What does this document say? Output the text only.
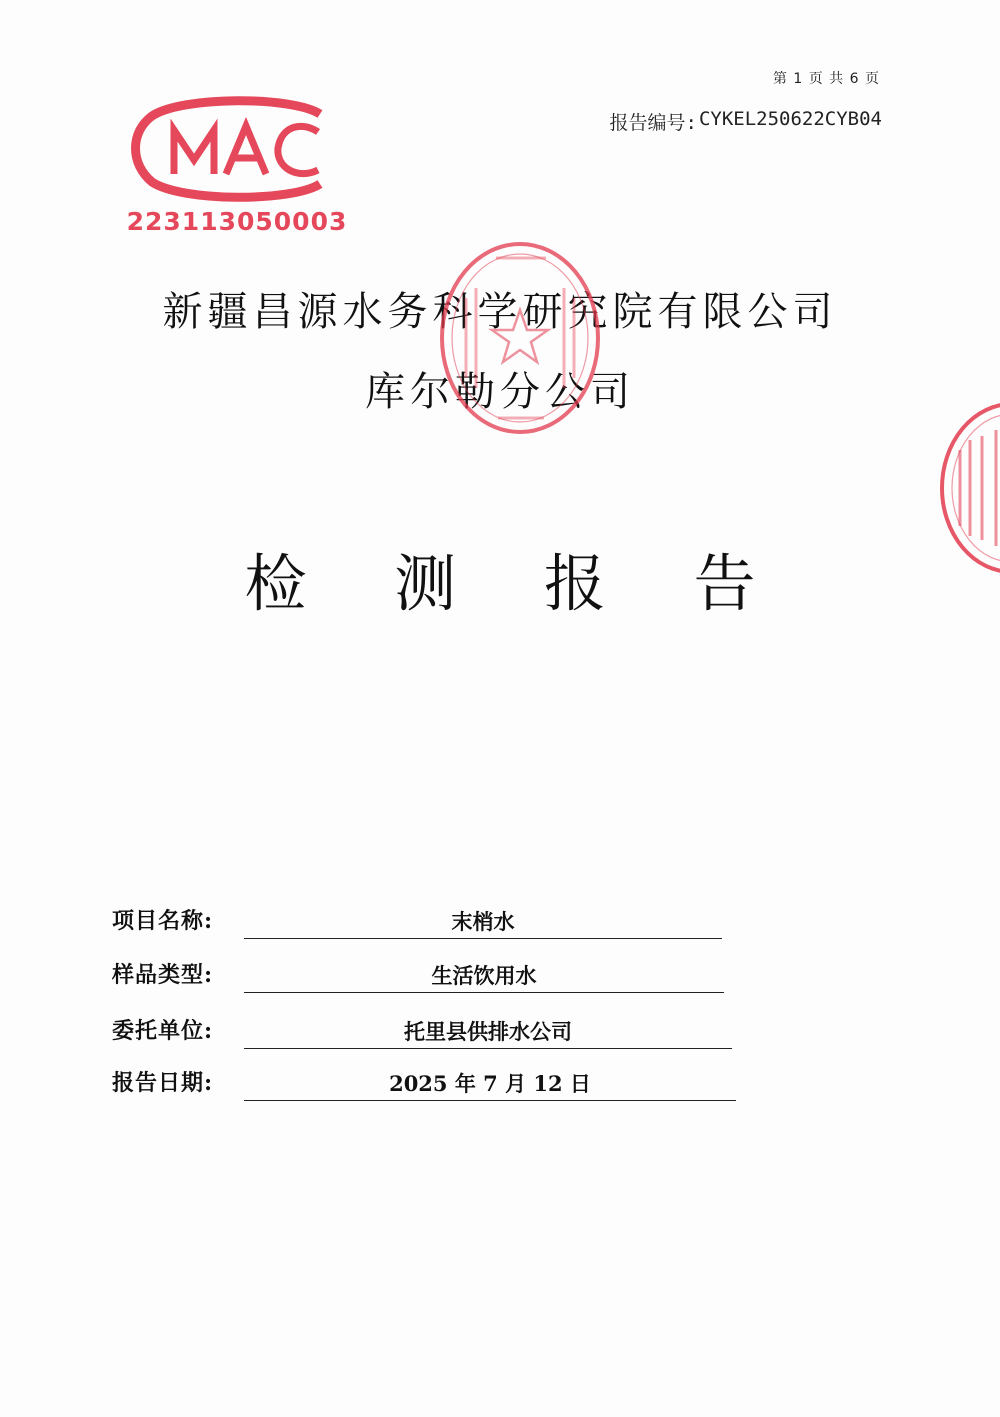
第 1 页 共 6 页
报告编号: CYKEL250622CYB04
223113050003
新疆昌源水务科学研究院有限公司
库尔勒分公司
检 测 报 告
项目名称:	末梢水
样品类型:	生活饮用水
委托单位:	托里县供排水公司
报告日期:	2025 年 7 月 12 日
